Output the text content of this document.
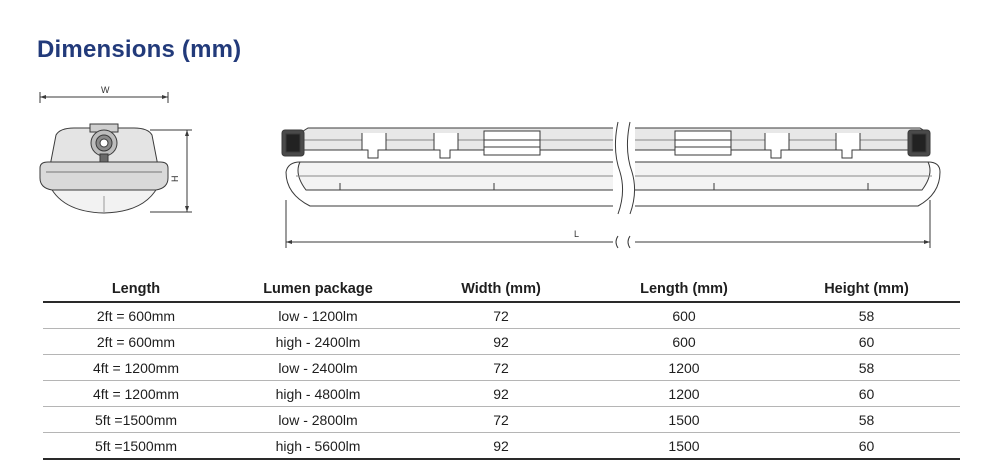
Dimensions (mm)
W
H
L
Length	Lumen package	Width (mm)	Length (mm)	Height (mm)
2ft = 600mm	low - 1200lm	72	600	58
2ft = 600mm	high - 2400lm	92	600	60
4ft = 1200mm	low - 2400lm	72	1200	58
4ft = 1200mm	high - 4800lm	92	1200	60
5ft =1500mm	low - 2800lm	72	1500	58
5ft =1500mm	high - 5600lm	92	1500	60
